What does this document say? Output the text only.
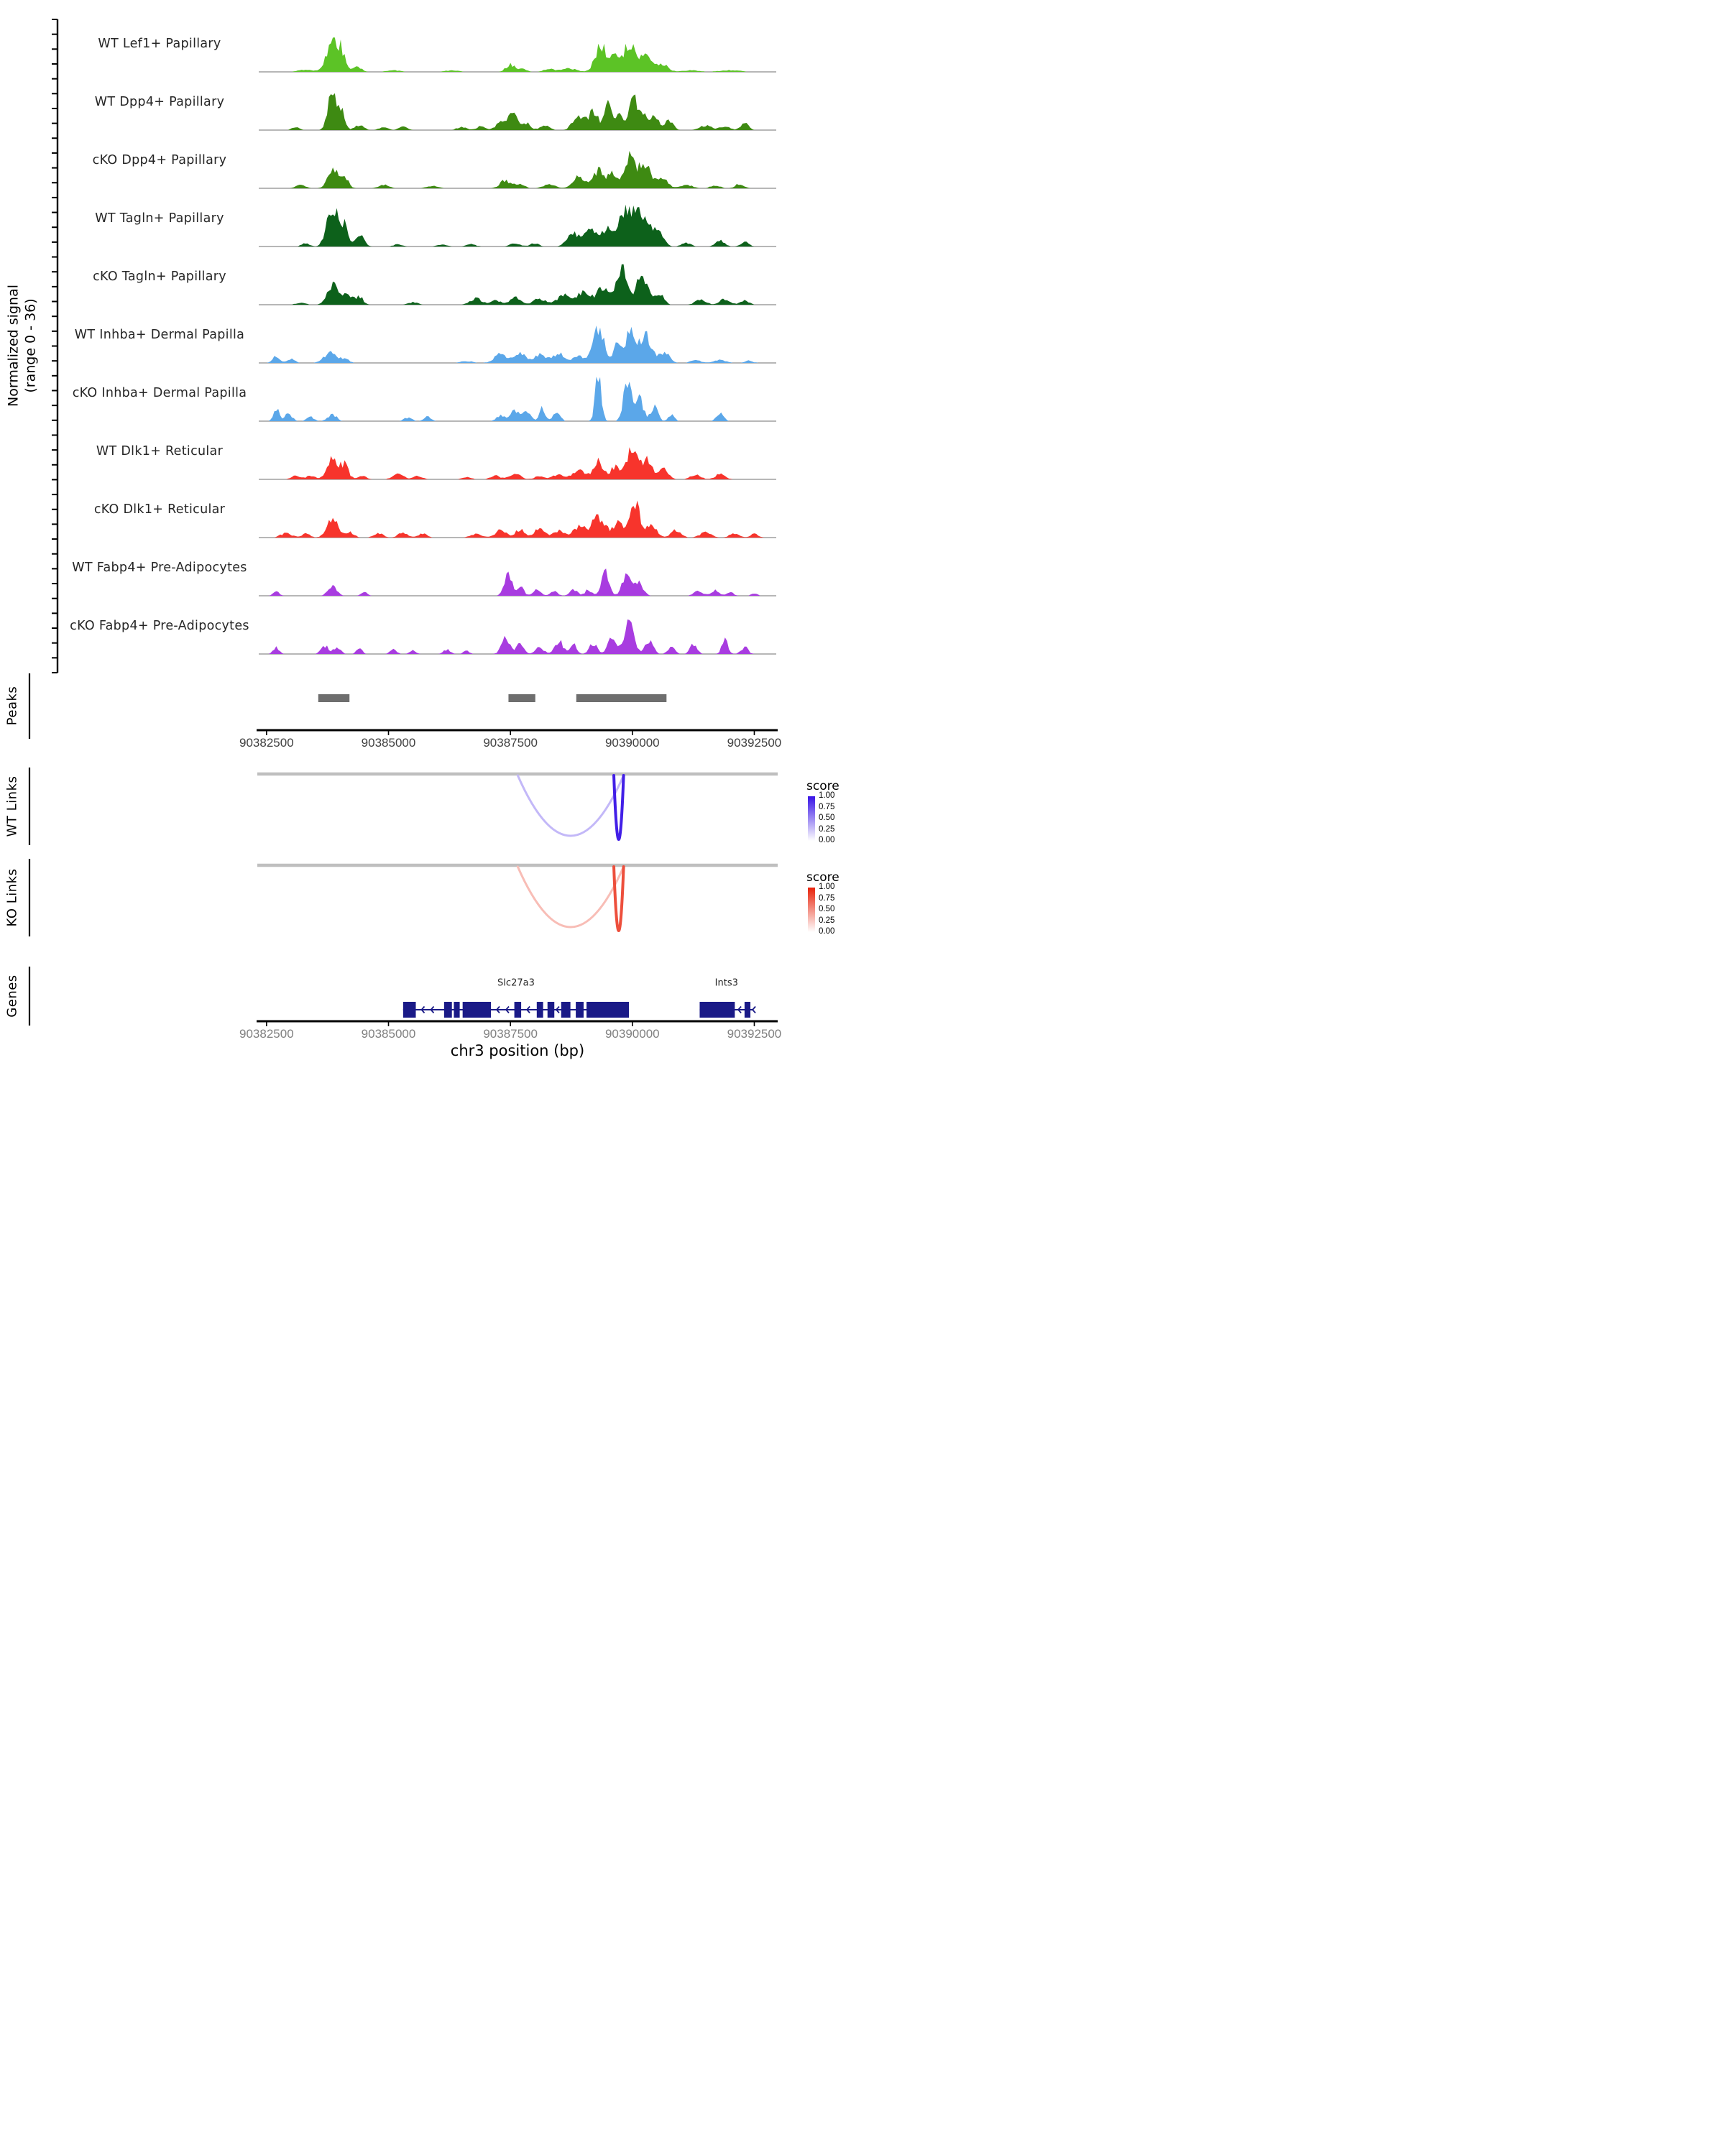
Normalized signal (range 0 - 36)
Peaks
WT Links
KO Links
Genes
score
score
chr3 position (bp)
WT Lef1+ Papillary
WT Dpp4+ Papillary
cKO Dpp4+ Papillary
WT Tagln+ Papillary
cKO Tagln+ Papillary
WT Inhba+ Dermal Papilla
cKO Inhba+ Dermal Papilla
WT Dlk1+ Reticular
cKO Dlk1+ Reticular
WT Fabp4+ Pre-Adipocytes
cKO Fabp4+ Pre-Adipocytes
90382500	90385000	90387500	90390000	90392500
1.00
0.75
0.50
0.25
0.00
1.00
0.75
0.50
0.25
0.00
Slc27a3	Ints3
90382500	90385000	90387500	90390000	90392500
